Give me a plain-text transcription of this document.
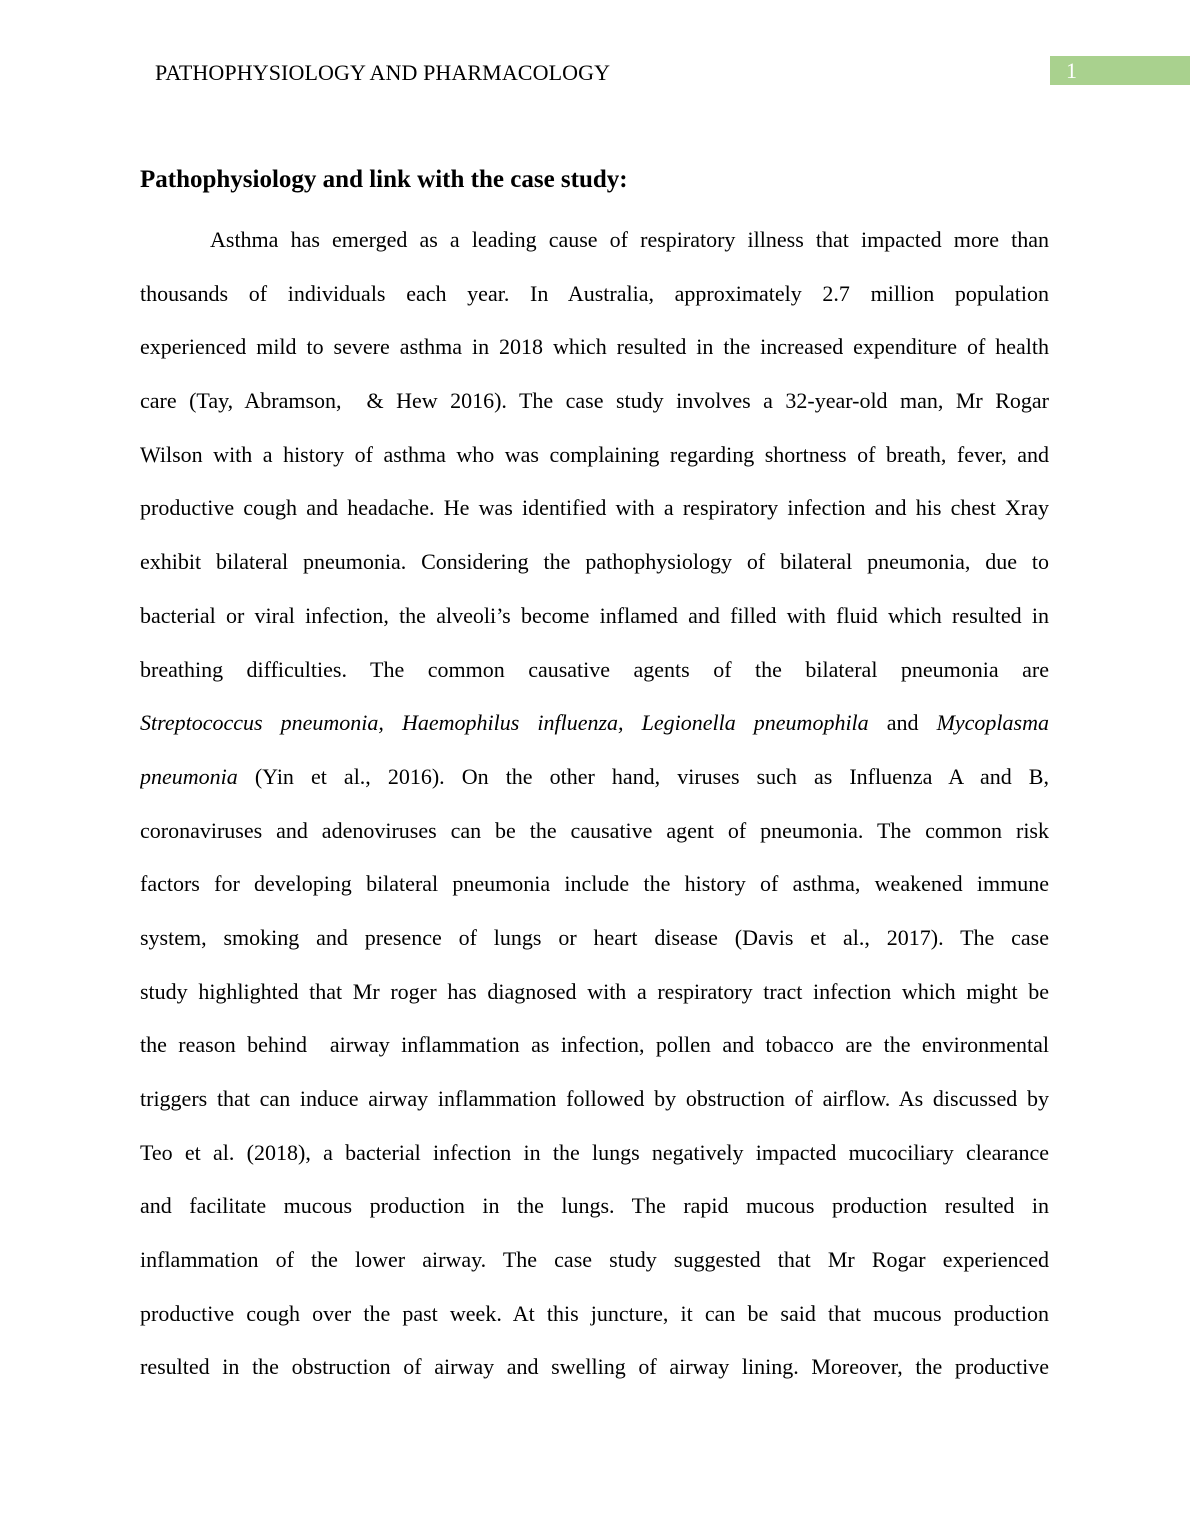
PATHOPHYSIOLOGY AND PHARMACOLOGY	1
Pathophysiology and link with the case study:
Asthma has emerged as a leading cause of respiratory illness that impacted more than
thousands of individuals each year. In Australia, approximately 2.7 million population
experienced mild to severe asthma in 2018 which resulted in the increased expenditure of health
care (Tay, Abramson,  & Hew 2016). The case study involves a 32-year-old man, Mr Rogar
Wilson with a history of asthma who was complaining regarding shortness of breath, fever, and
productive cough and headache. He was identified with a respiratory infection and his chest Xray
exhibit bilateral pneumonia. Considering the pathophysiology of bilateral pneumonia, due to
bacterial or viral infection, the alveoli’s become inflamed and filled with fluid which resulted in
breathing difficulties. The common causative agents of the bilateral pneumonia are
Streptococcus pneumonia, Haemophilus influenza, Legionella pneumophila and Mycoplasma
pneumonia (Yin et al., 2016). On the other hand, viruses such as Influenza A and B,
coronaviruses and adenoviruses can be the causative agent of pneumonia. The common risk
factors for developing bilateral pneumonia include the history of asthma, weakened immune
system, smoking and presence of lungs or heart disease (Davis et al., 2017). The case
study highlighted that Mr roger has diagnosed with a respiratory tract infection which might be
the reason behind  airway inflammation as infection, pollen and tobacco are the environmental
triggers that can induce airway inflammation followed by obstruction of airflow. As discussed by
Teo et al. (2018), a bacterial infection in the lungs negatively impacted mucociliary clearance
and facilitate mucous production in the lungs. The rapid mucous production resulted in
inflammation of the lower airway. The case study suggested that Mr Rogar experienced
productive cough over the past week. At this juncture, it can be said that mucous production
resulted in the obstruction of airway and swelling of airway lining. Moreover, the productive
